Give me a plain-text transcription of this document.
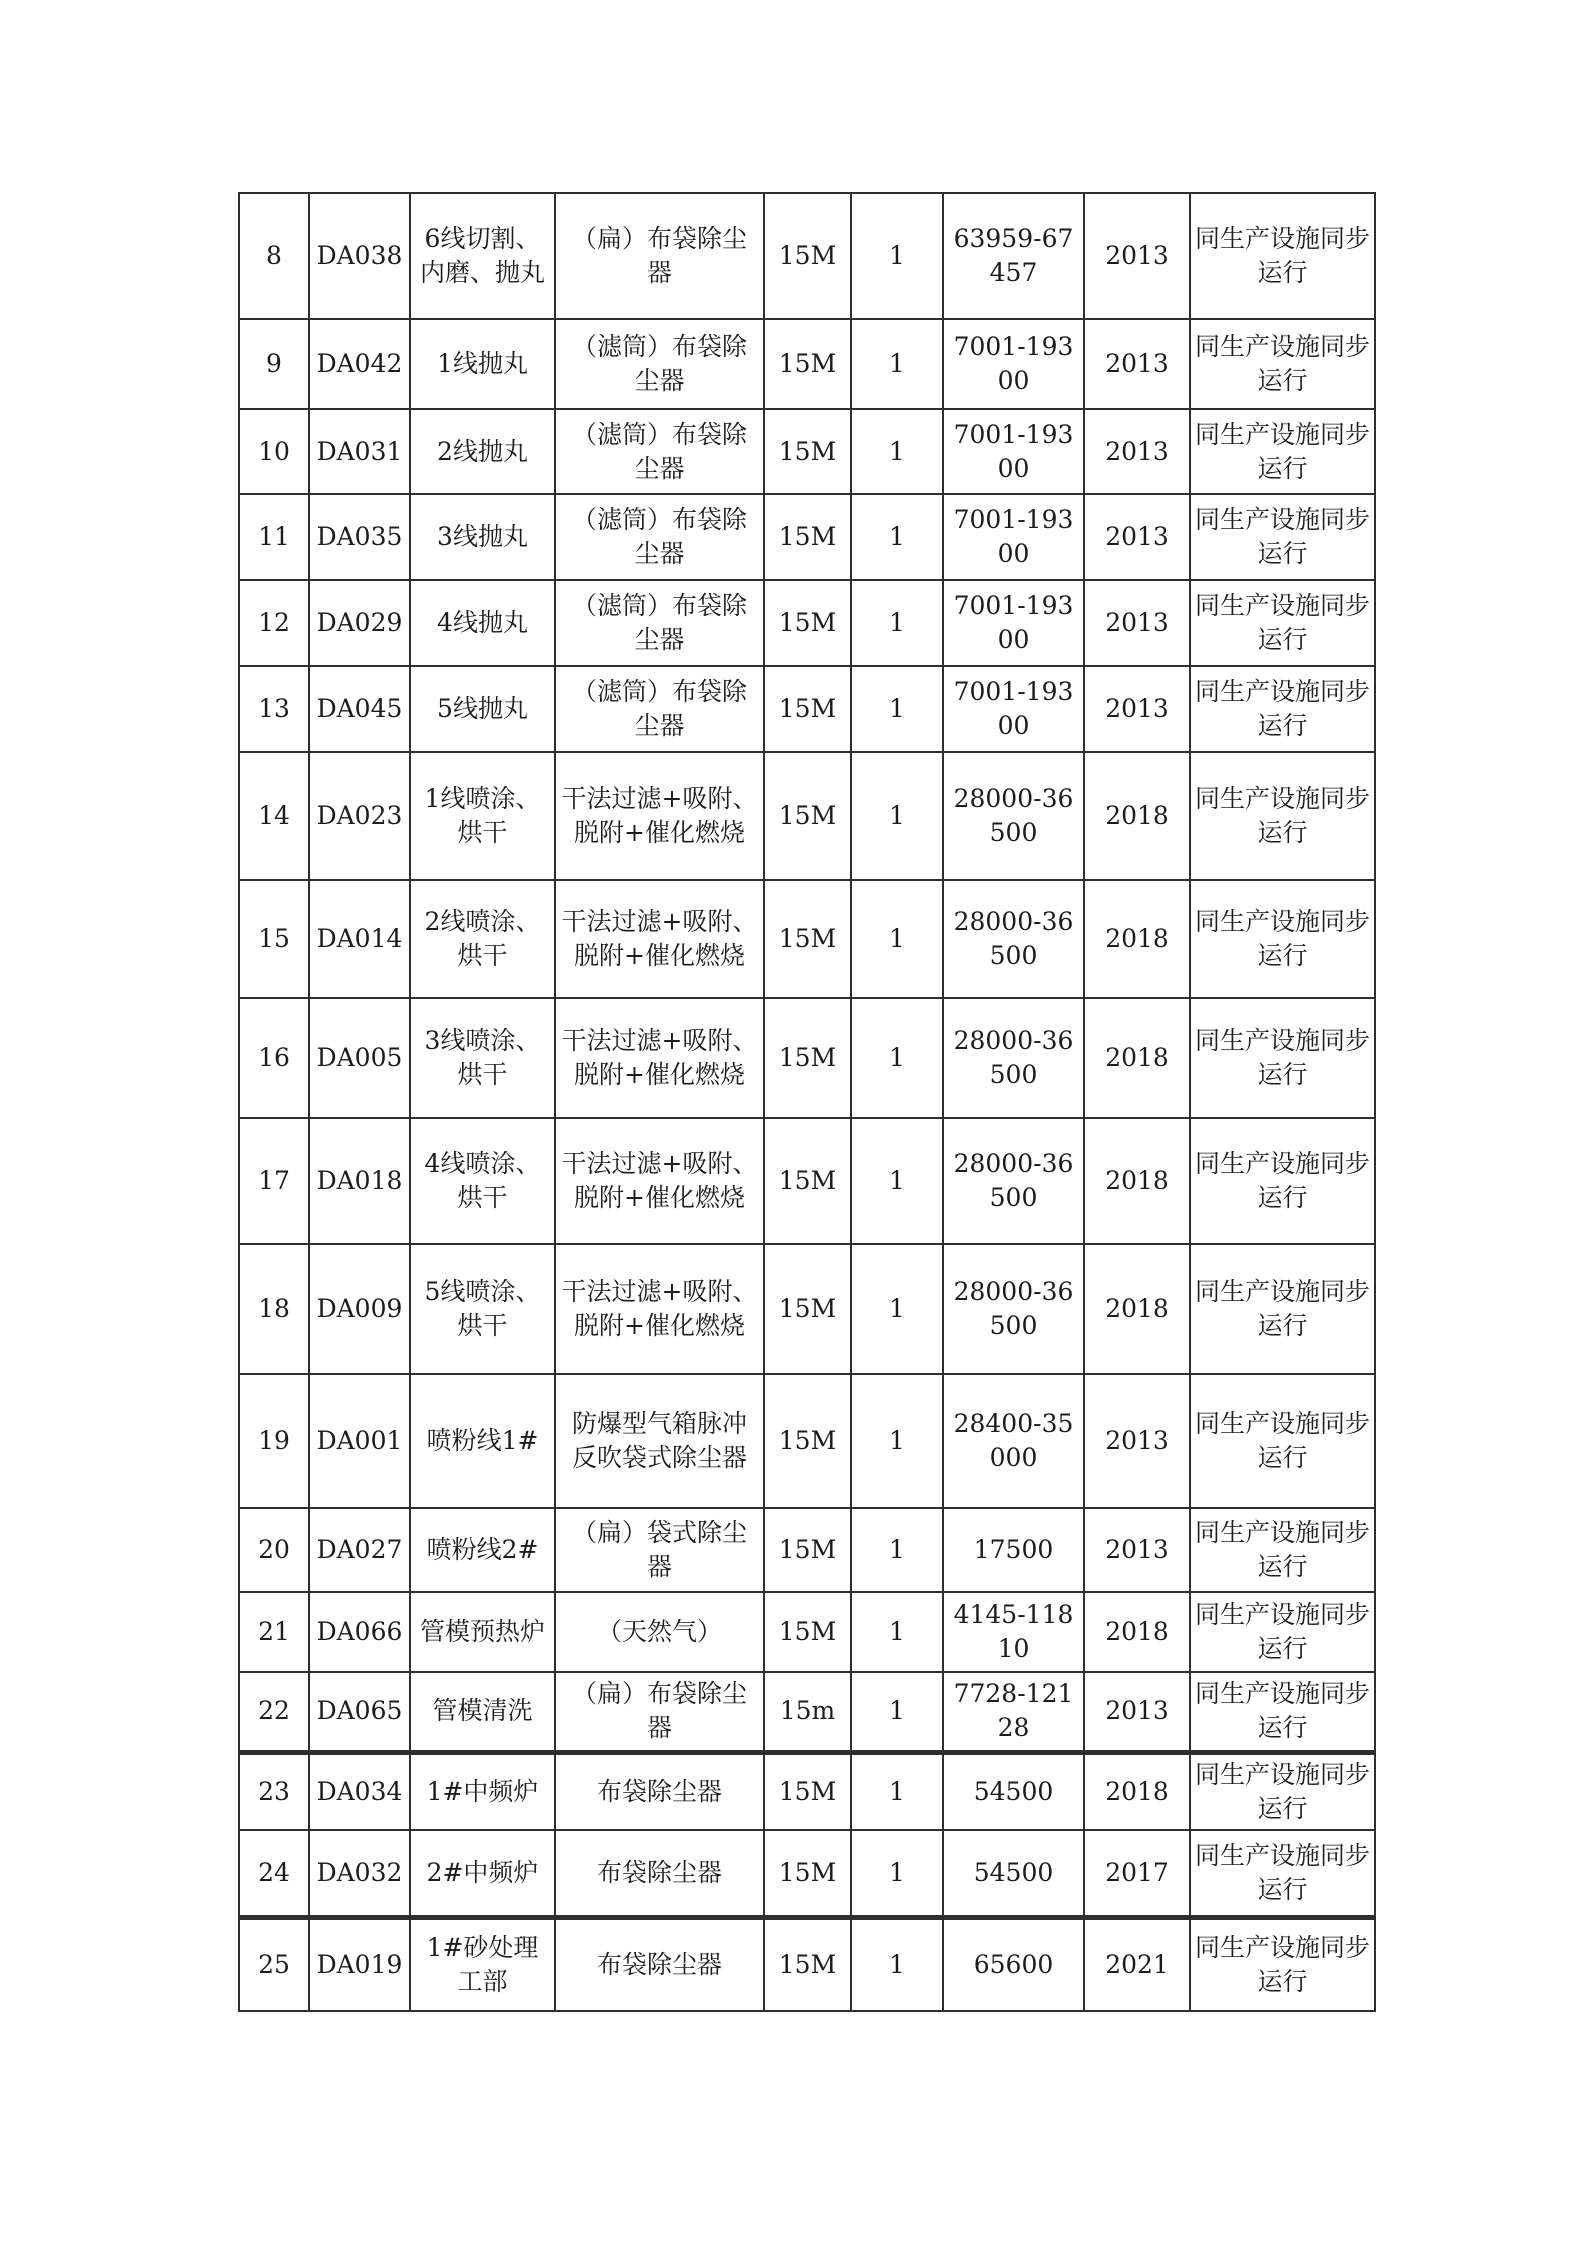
8	DA038	6线切割、内磨、抛丸	（扁）布袋除尘器	15M	1	63959-67457	2013	同生产设施同步运行
9	DA042	1线抛丸	（滤筒）布袋除尘器	15M	1	7001-19300	2013	同生产设施同步运行
10	DA031	2线抛丸	（滤筒）布袋除尘器	15M	1	7001-19300	2013	同生产设施同步运行
11	DA035	3线抛丸	（滤筒）布袋除尘器	15M	1	7001-19300	2013	同生产设施同步运行
12	DA029	4线抛丸	（滤筒）布袋除尘器	15M	1	7001-19300	2013	同生产设施同步运行
13	DA045	5线抛丸	（滤筒）布袋除尘器	15M	1	7001-19300	2013	同生产设施同步运行
14	DA023	1线喷涂、烘干	干法过滤+吸附、脱附+催化燃烧	15M	1	28000-36500	2018	同生产设施同步运行
15	DA014	2线喷涂、烘干	干法过滤+吸附、脱附+催化燃烧	15M	1	28000-36500	2018	同生产设施同步运行
16	DA005	3线喷涂、烘干	干法过滤+吸附、脱附+催化燃烧	15M	1	28000-36500	2018	同生产设施同步运行
17	DA018	4线喷涂、烘干	干法过滤+吸附、脱附+催化燃烧	15M	1	28000-36500	2018	同生产设施同步运行
18	DA009	5线喷涂、烘干	干法过滤+吸附、脱附+催化燃烧	15M	1	28000-36500	2018	同生产设施同步运行
19	DA001	喷粉线1#	防爆型气箱脉冲反吹袋式除尘器	15M	1	28400-35000	2013	同生产设施同步运行
20	DA027	喷粉线2#	（扁）袋式除尘器	15M	1	17500	2013	同生产设施同步运行
21	DA066	管模预热炉	（天然气）	15M	1	4145-11810	2018	同生产设施同步运行
22	DA065	管模清洗	（扁）布袋除尘器	15m	1	7728-12128	2013	同生产设施同步运行
23	DA034	1#中频炉	布袋除尘器	15M	1	54500	2018	同生产设施同步运行
24	DA032	2#中频炉	布袋除尘器	15M	1	54500	2017	同生产设施同步运行
25	DA019	1#砂处理工部	布袋除尘器	15M	1	65600	2021	同生产设施同步运行
